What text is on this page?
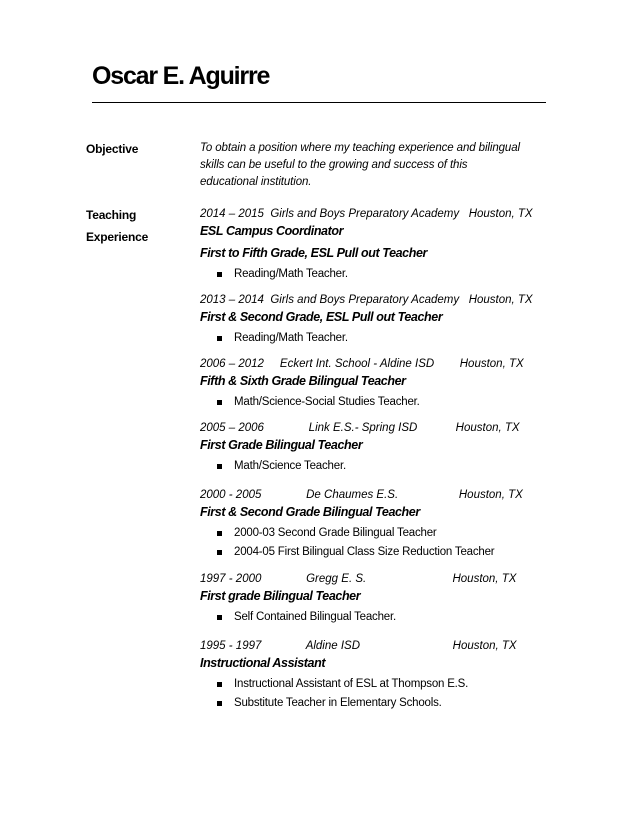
Oscar E. Aguirre
Objective	To obtain a position where my teaching experience and bilingual
skills can be useful to the growing and success of this
educational institution.
Teaching
Experience
2014 – 2015  Girls and Boys Preparatory Academy   Houston, TX
ESL Campus Coordinator
First to Fifth Grade, ESL Pull out Teacher
Reading/Math Teacher.
2013 – 2014  Girls and Boys Preparatory Academy   Houston, TX
First & Second Grade, ESL Pull out Teacher
Reading/Math Teacher.
2006 – 2012     Eckert Int. School - Aldine ISD        Houston, TX
Fifth & Sixth Grade Bilingual Teacher
Math/Science-Social Studies Teacher.
2005 – 2006              Link E.S.- Spring ISD            Houston, TX
First Grade Bilingual Teacher
Math/Science Teacher.
2000 - 2005              De Chaumes E.S.                   Houston, TX
First & Second Grade Bilingual Teacher
2000-03 Second Grade Bilingual Teacher
2004-05 First Bilingual Class Size Reduction Teacher
1997 - 2000              Gregg E. S.                           Houston, TX
First grade Bilingual Teacher
Self Contained Bilingual Teacher.
1995 - 1997              Aldine ISD                             Houston, TX
Instructional Assistant
Instructional Assistant of ESL at Thompson E.S.
Substitute Teacher in Elementary Schools.
